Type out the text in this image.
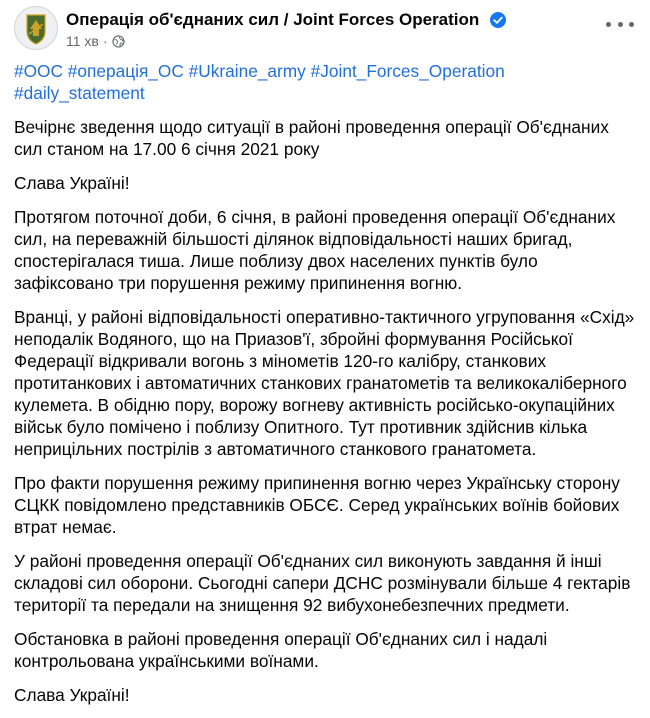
Операція об'єднаних сил / Joint Forces Operation
11 хв ·

#ООС #операція_ОС #Ukraine_army #Joint_Forces_Operation #daily_statement

Вечірнє зведення щодо ситуації в районі проведення операції Об'єднаних сил станом на 17.00 6 січня 2021 року

Слава Україні!

Протягом поточної доби, 6 січня, в районі проведення операції Об'єднаних сил, на переважній більшості ділянок відповідальності наших бригад, спостерігалася тиша. Лише поблизу двох населених пунктів було зафіксовано три порушення режиму припинення вогню.

Вранці, у районі відповідальності оперативно-тактичного угруповання «Схід» неподалік Водяного, що на Приазов'ї, збройні формування Російської Федерації відкривали вогонь з мінометів 120-го калібру, станкових протитанкових і автоматичних станкових гранатометів та великокаліберного кулемета. В обідню пору, ворожу вогневу активність російсько-окупаційних військ було помічено і поблизу Опитного. Тут противник здійснив кілька неприцільних пострілів з автоматичного станкового гранатомета.

Про факти порушення режиму припинення вогню через Українську сторону СЦКК повідомлено представників ОБСЄ. Серед українських воїнів бойових втрат немає.

У районі проведення операції Об'єднаних сил виконують завдання й інші складові сил оборони. Сьогодні сапери ДСНС розмінували більше 4 гектарів території та передали на знищення 92 вибухонебезпечних предмети.

Обстановка в районі проведення операції Об'єднаних сил і надалі контрольована українськими воїнами.

Слава Україні!
